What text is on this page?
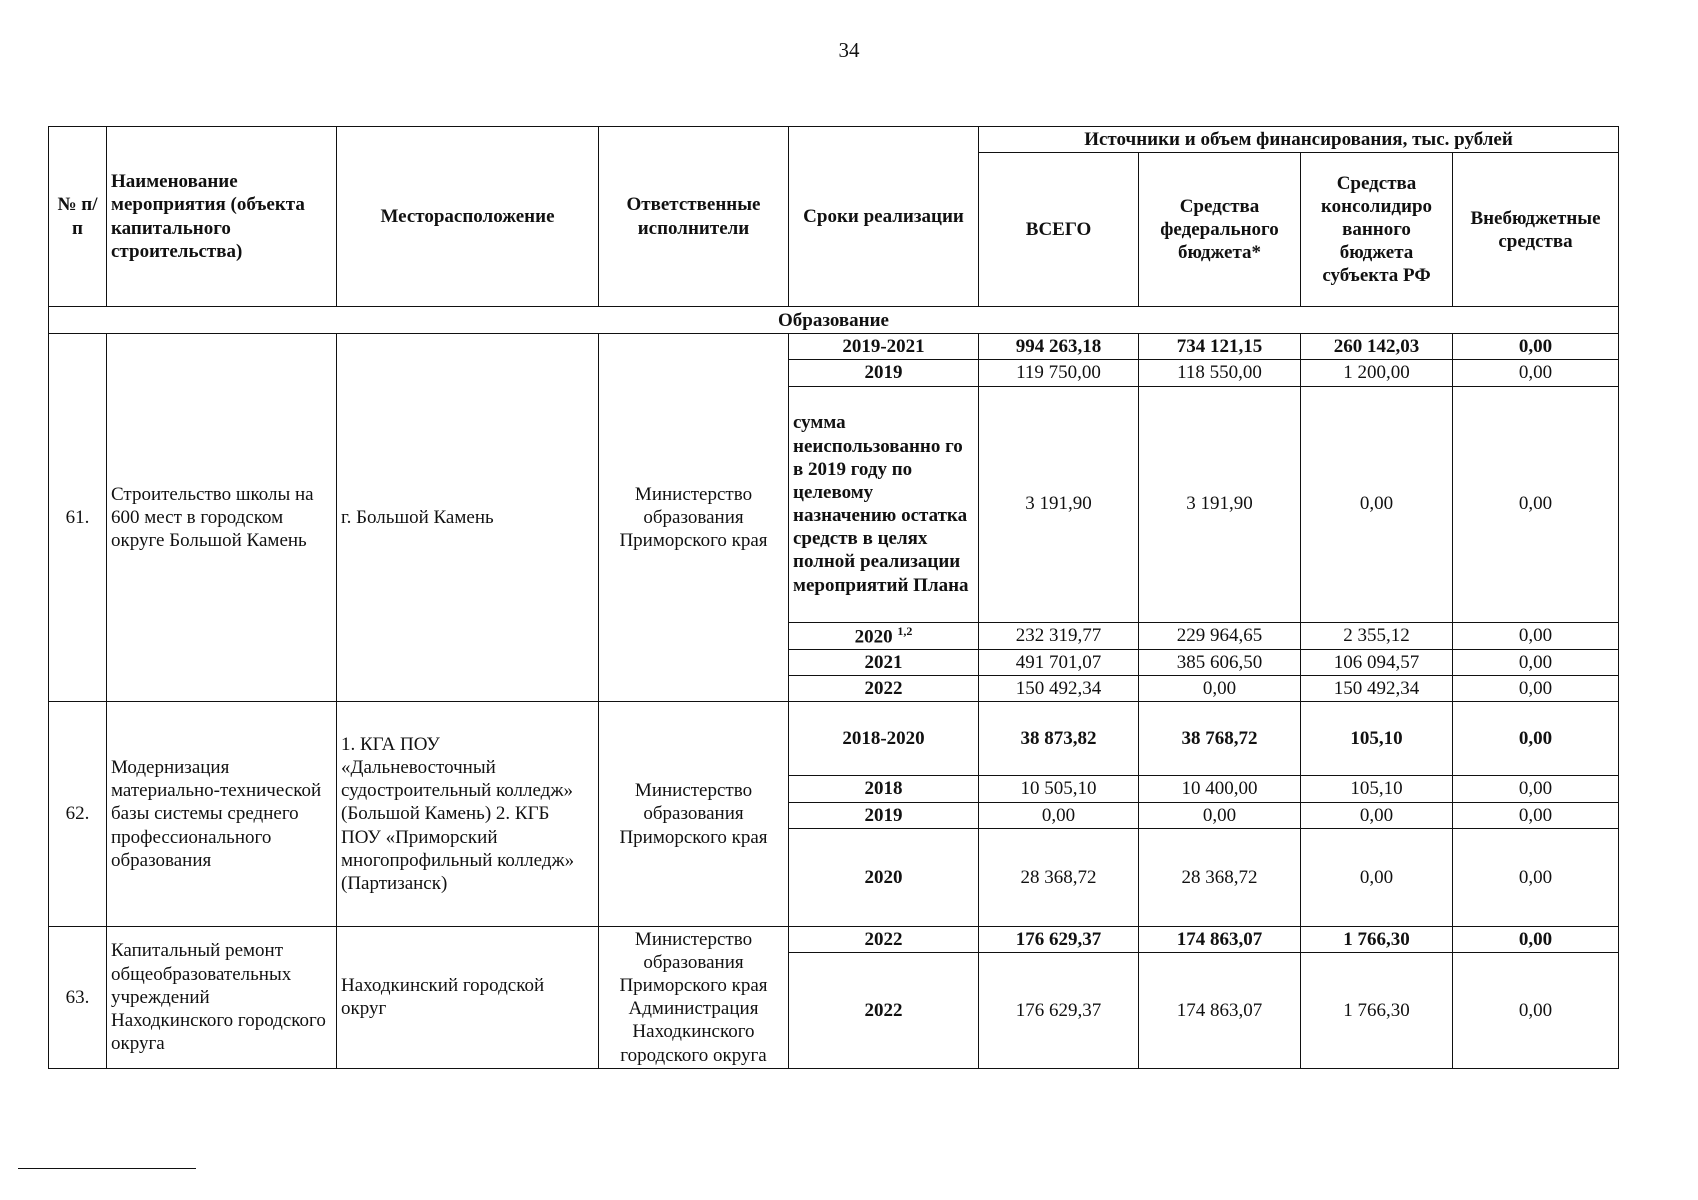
34
№ п/п	Наименование мероприятия (объекта капитального строительства)	Месторасположение	Ответственные исполнители	Сроки реализации	Источники и объем финансирования, тыс. рублей			
					ВСЕГО	Средства федерального бюджета*	Средства консолидиро ванного бюджета субъекта РФ	Внебюджетные средства
Образование								
61.	Строительство школы на 600 мест в городском округе Большой Камень	г. Большой Камень	Министерство образования Приморского края	2019-2021	994 263,18	734 121,15	260 142,03	0,00
				2019	119 750,00	118 550,00	1 200,00	0,00
				сумма неиспользованно го в 2019 году по целевому назначению остатка средств в целях полной реализации мероприятий Плана	3 191,90	3 191,90	0,00	0,00
				2020 $^{1,2}$	232 319,77	229 964,65	2 355,12	0,00
				2021	491 701,07	385 606,50	106 094,57	0,00
				2022	150 492,34	0,00	150 492,34	0,00
62.	Модернизация материально-технической базы системы среднего профессионального образования	1. КГА ПОУ «Дальневосточный судостроительный колледж» (Большой Камень) 2. КГБ ПОУ «Приморский многопрофильный колледж» (Партизанск)	Министерство образования Приморского края	2018-2020	38 873,82	38 768,72	105,10	0,00
				2018	10 505,10	10 400,00	105,10	0,00
				2019	0,00	0,00	0,00	0,00
				2020	28 368,72	28 368,72	0,00	0,00
63.	Капитальный ремонт общеобразовательных учреждений Находкинского городского округа	Находкинский городской округ	Министерство образования Приморского края Администрация Находкинского городского округа	2022	176 629,37	174 863,07	1 766,30	0,00
				2022	176 629,37	174 863,07	1 766,30	0,00
